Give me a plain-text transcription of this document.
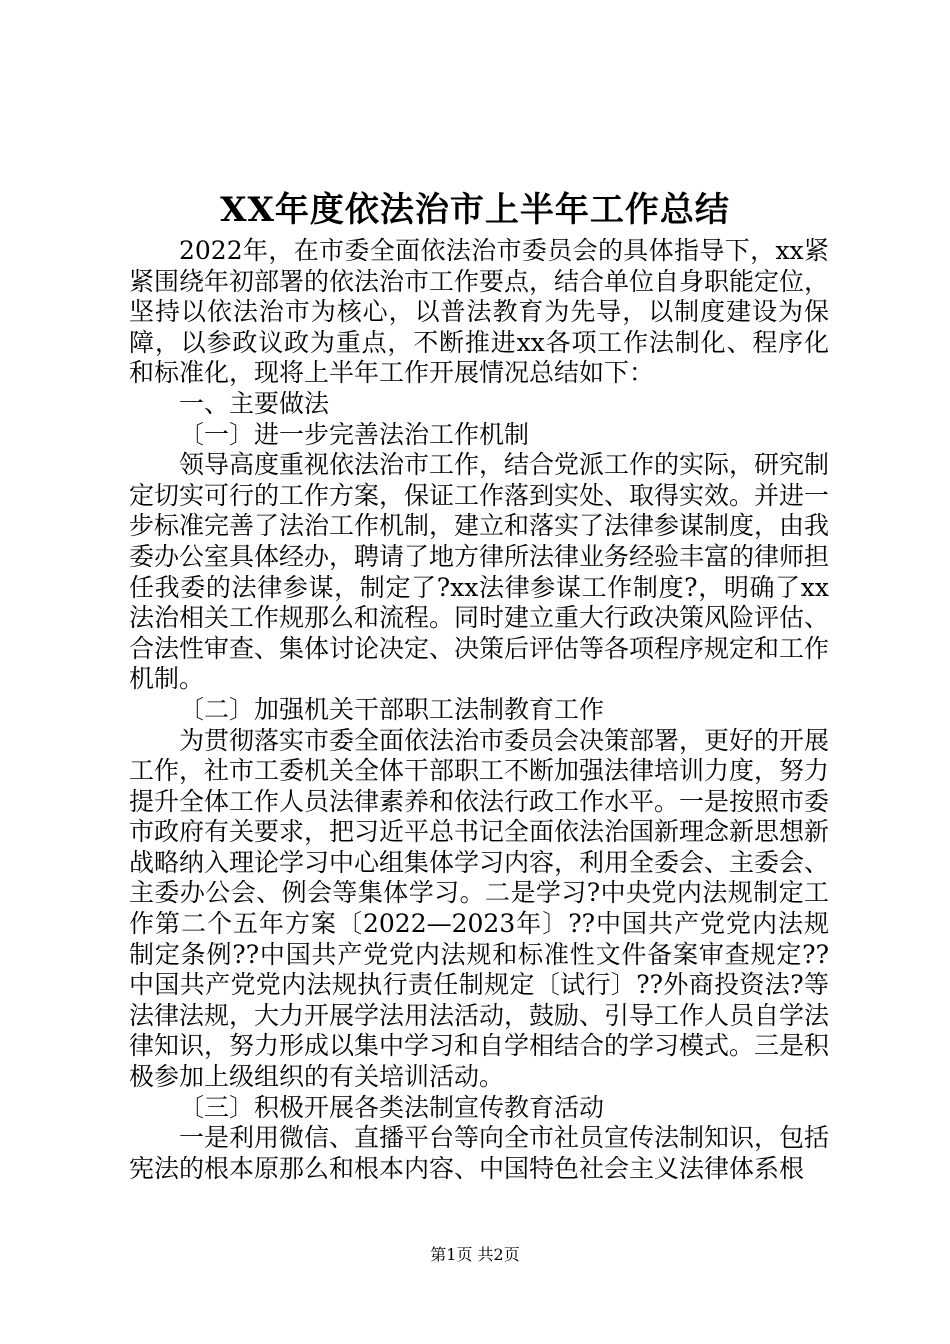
XX年度依法治市上半年工作总结

2022年，在市委全面依法治市委员会的具体指导下，xx紧紧围绕年初部署的依法治市工作要点，结合单位自身职能定位，坚持以依法治市为核心，以普法教育为先导，以制度建设为保障，以参政议政为重点，不断推进xx各项工作法制化、程序化和标准化，现将上半年工作开展情况总结如下：

一、主要做法

〔一〕进一步完善法治工作机制

领导高度重视依法治市工作，结合党派工作的实际，研究制定切实可行的工作方案，保证工作落到实处、取得实效。并进一步标准完善了法治工作机制，建立和落实了法律参谋制度，由我委办公室具体经办，聘请了地方律所法律业务经验丰富的律师担任我委的法律参谋，制定了?xx法律参谋工作制度?，明确了xx法治相关工作规那么和流程。同时建立重大行政决策风险评估、合法性审查、集体讨论决定、决策后评估等各项程序规定和工作机制。

〔二〕加强机关干部职工法制教育工作

为贯彻落实市委全面依法治市委员会决策部署，更好的开展工作，社市工委机关全体干部职工不断加强法律培训力度，努力提升全体工作人员法律素养和依法行政工作水平。一是按照市委市政府有关要求，把习近平总书记全面依法治国新理念新思想新战略纳入理论学习中心组集体学习内容，利用全委会、主委会、主委办公会、例会等集体学习。二是学习?中央党内法规制定工作第二个五年方案〔2022—2023年〕??中国共产党党内法规制定条例??中国共产党党内法规和标准性文件备案审查规定??中国共产党党内法规执行责任制规定〔试行〕??外商投资法?等法律法规，大力开展学法用法活动，鼓励、引导工作人员自学法律知识，努力形成以集中学习和自学相结合的学习模式。三是积极参加上级组织的有关培训活动。

〔三〕积极开展各类法制宣传教育活动

一是利用微信、直播平台等向全市社员宣传法制知识，包括宪法的根本原那么和根本内容、中国特色社会主义法律体系根

第1页 共2页
